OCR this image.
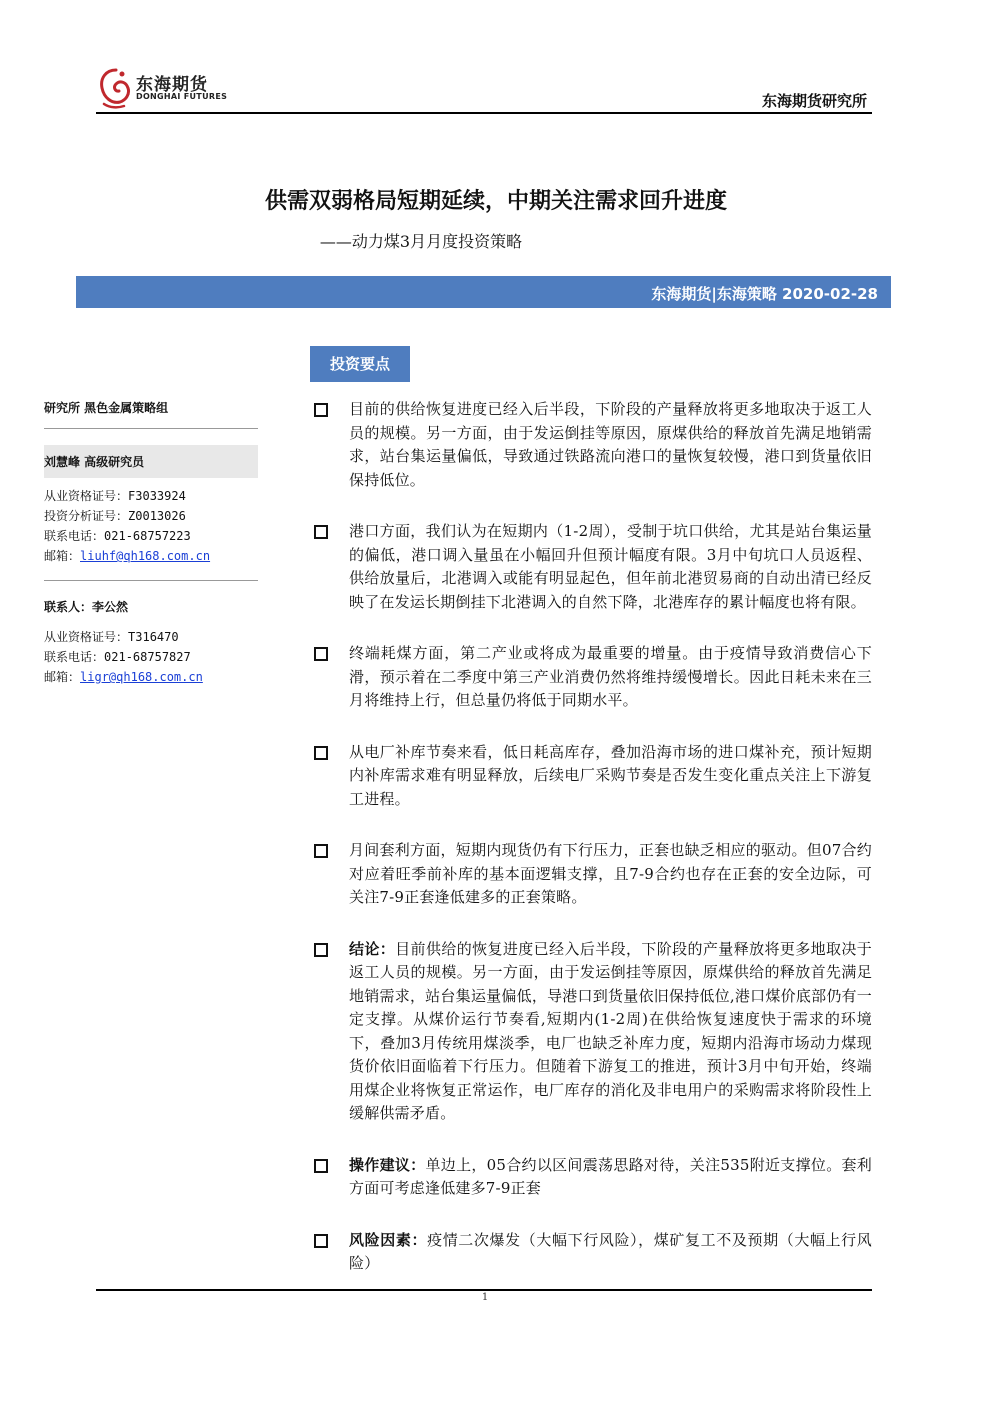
东海期货
DONGHAI FUTURES	东海期货研究所
供需双弱格局短期延续，中期关注需求回升进度
——动力煤3月月度投资策略
东海期货|东海策略 2020-02-28
投资要点
研究所 黑色金属策略组
刘慧峰 高级研究员
从业资格证号：F3033924
投资分析证号：Z0013026
联系电话：021-68757223
邮箱：liuhf@qh168.com.cn
联系人：李公然
从业资格证号：T316470
联系电话：021-68757827
邮箱：ligr@qh168.com.cn
目前的供给恢复进度已经入后半段，下阶段的产量释放将更多地取决于返工人员的规模。另一方面，由于发运倒挂等原因，原煤供给的释放首先满足地销需求，站台集运量偏低，导致通过铁路流向港口的量恢复较慢，港口到货量依旧保持低位。
港口方面，我们认为在短期内（1-2周），受制于坑口供给，尤其是站台集运量的偏低，港口调入量虽在小幅回升但预计幅度有限。3月中旬坑口人员返程、供给放量后，北港调入或能有明显起色，但年前北港贸易商的自动出清已经反映了在发运长期倒挂下北港调入的自然下降，北港库存的累计幅度也将有限。
终端耗煤方面，第二产业或将成为最重要的增量。由于疫情导致消费信心下滑，预示着在二季度中第三产业消费仍然将维持缓慢增长。因此日耗未来在三月将维持上行，但总量仍将低于同期水平。
从电厂补库节奏来看，低日耗高库存，叠加沿海市场的进口煤补充，预计短期内补库需求难有明显释放，后续电厂采购节奏是否发生变化重点关注上下游复工进程。
月间套利方面，短期内现货仍有下行压力，正套也缺乏相应的驱动。但07合约对应着旺季前补库的基本面逻辑支撑，且7-9合约也存在正套的安全边际，可关注7-9正套逢低建多的正套策略。
结论：目前供给的恢复进度已经入后半段，下阶段的产量释放将更多地取决于返工人员的规模。另一方面，由于发运倒挂等原因，原煤供给的释放首先满足地销需求，站台集运量偏低，导港口到货量依旧保持低位,港口煤价底部仍有一定支撑。从煤价运行节奏看,短期内(1-2周)在供给恢复速度快于需求的环境下，叠加3月传统用煤淡季，电厂也缺乏补库力度，短期内沿海市场动力煤现货价依旧面临着下行压力。但随着下游复工的推进，预计3月中旬开始，终端用煤企业将恢复正常运作，电厂库存的消化及非电用户的采购需求将阶段性上缓解供需矛盾。
操作建议：单边上，05合约以区间震荡思路对待，关注535附近支撑位。套利方面可考虑逢低建多7-9正套
风险因素：疫情二次爆发（大幅下行风险），煤矿复工不及预期（大幅上行风险）
1
